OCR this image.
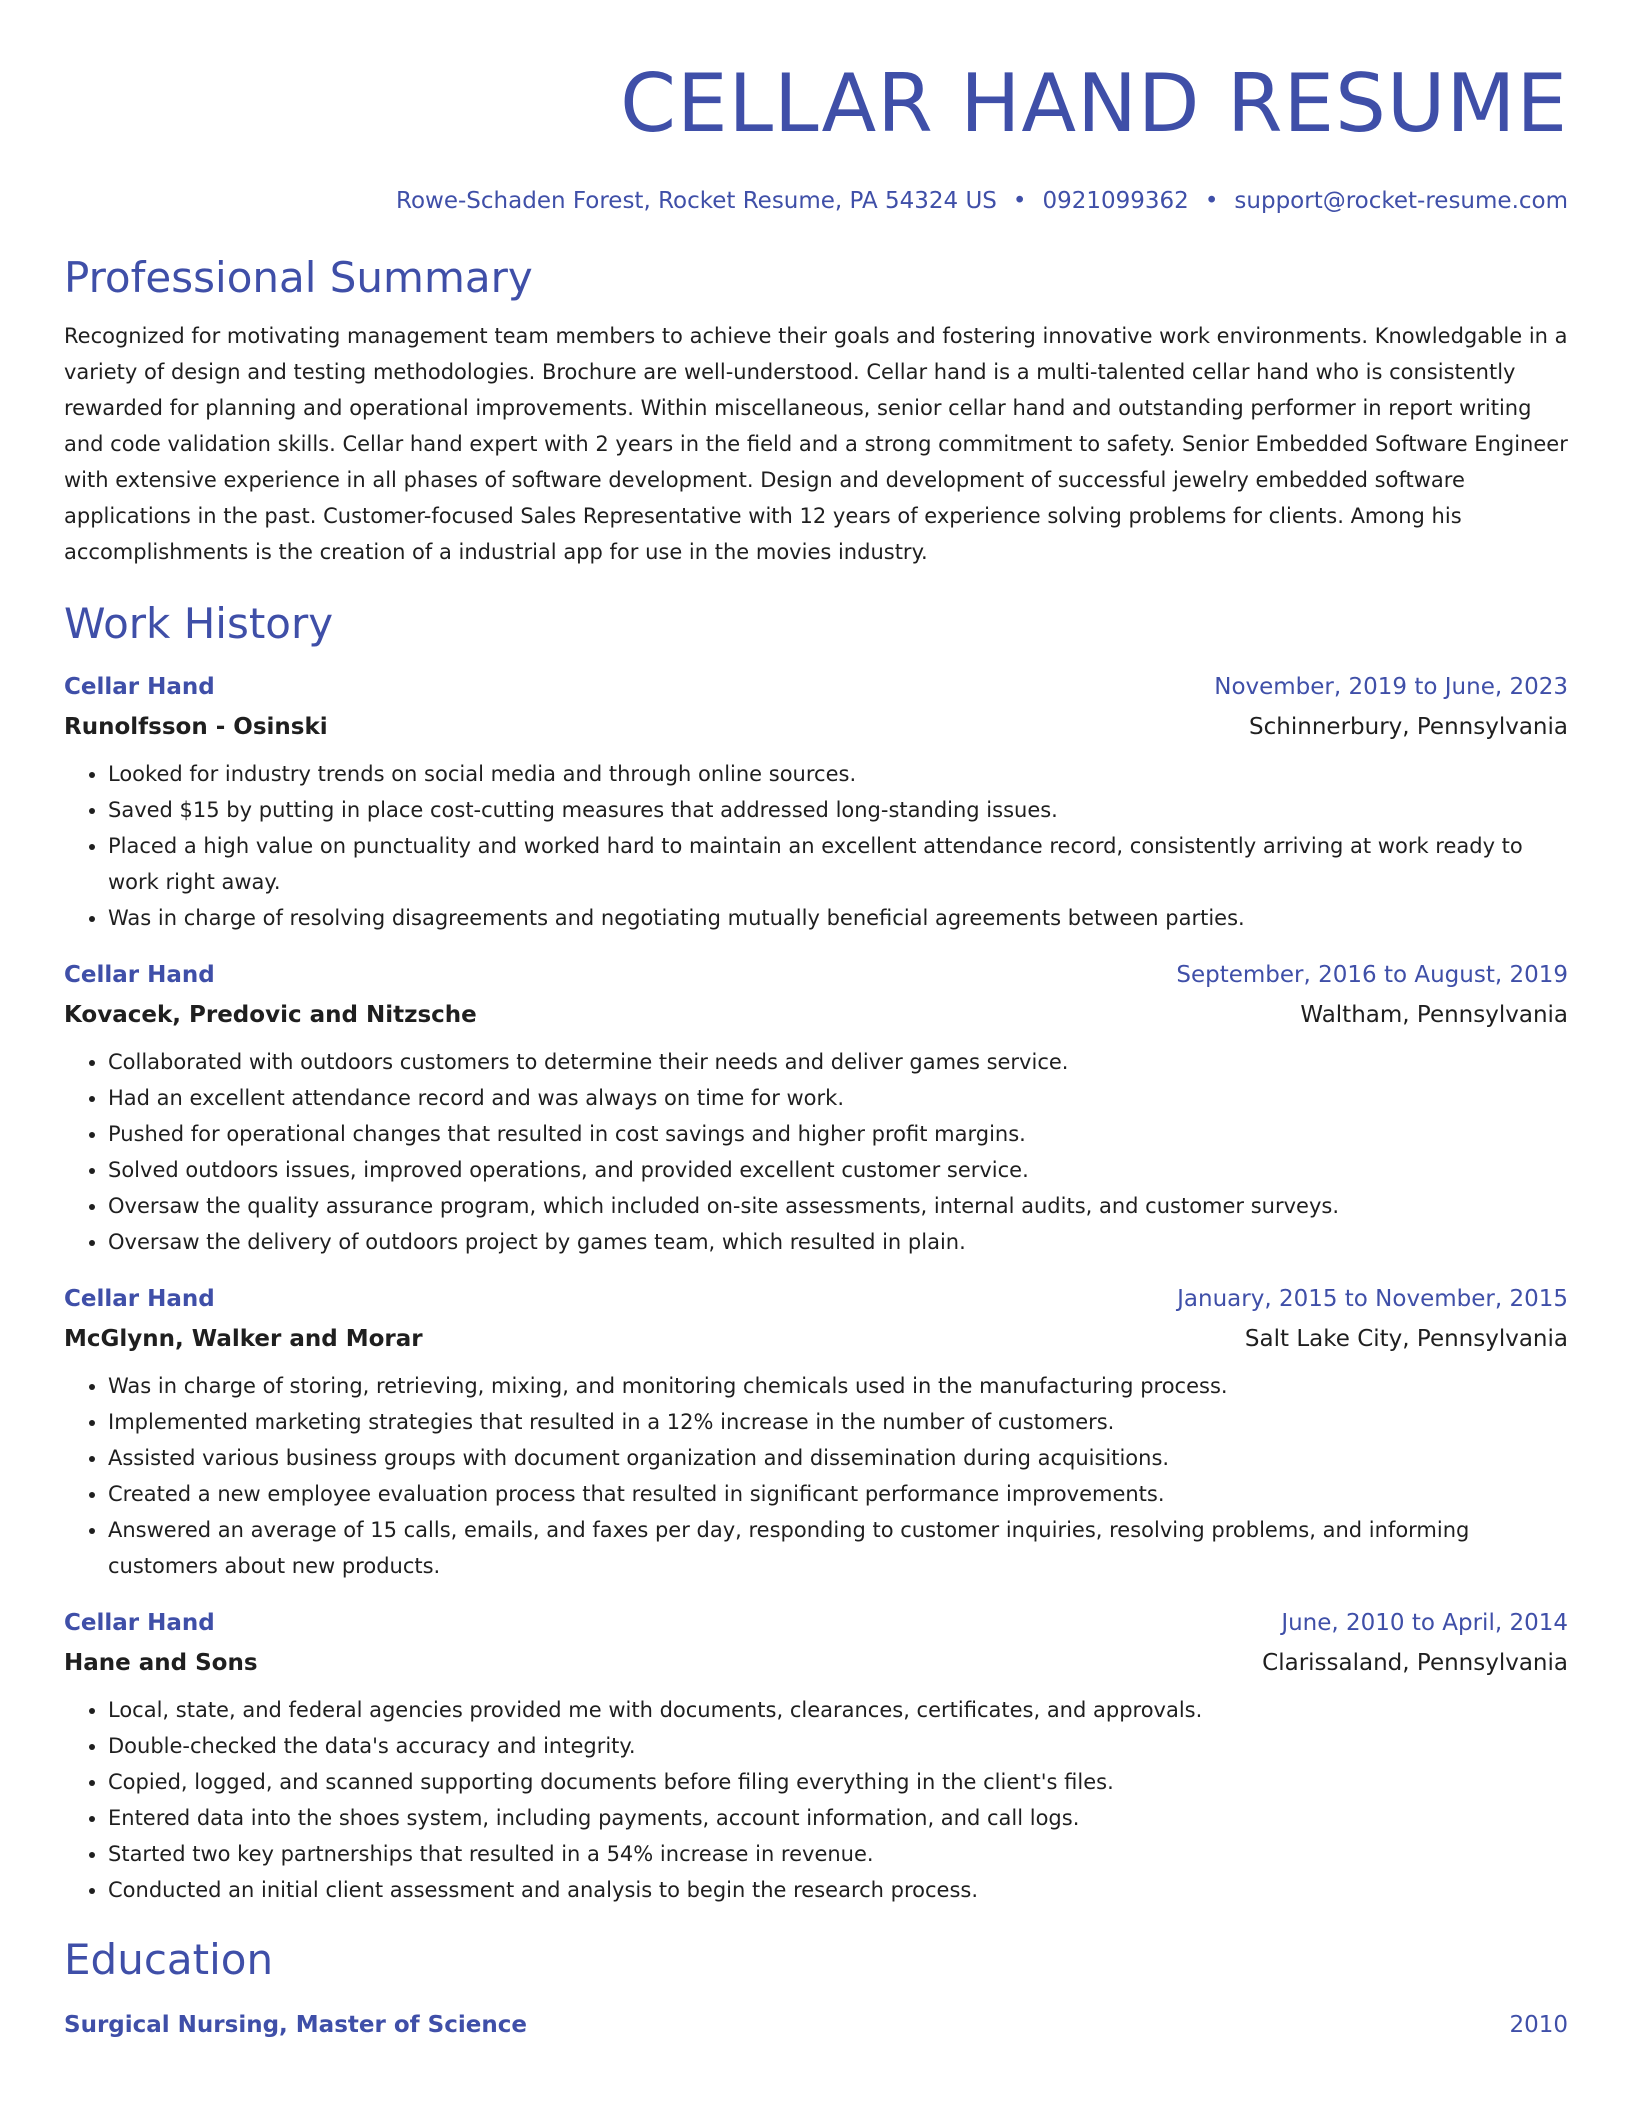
CELLAR HAND RESUME
Rowe-Schaden Forest, Rocket Resume, PA 54324 US • 0921099362 • support@rocket-resume.com
Professional Summary

Recognized for motivating management team members to achieve their goals and fostering innovative work environments. Knowledgable in a variety of design and testing methodologies. Brochure are well-understood. Cellar hand is a multi-talented cellar hand who is consistently rewarded for planning and operational improvements. Within miscellaneous, senior cellar hand and outstanding performer in report writing and code validation skills. Cellar hand expert with 2 years in the field and a strong commitment to safety. Senior Embedded Software Engineer with extensive experience in all phases of software development. Design and development of successful jewelry embedded software applications in the past. Customer-focused Sales Representative with 12 years of experience solving problems for clients. Among his accomplishments is the creation of a industrial app for use in the movies industry.

Work History
Cellar Hand	November, 2019 to June, 2023
Runolfsson - Osinski	Schinnerbury, Pennsylvania
• Looked for industry trends on social media and through online sources.
• Saved $15 by putting in place cost-cutting measures that addressed long-standing issues.
• Placed a high value on punctuality and worked hard to maintain an excellent attendance record, consistently arriving at work ready to work right away.
• Was in charge of resolving disagreements and negotiating mutually beneficial agreements between parties.
Cellar Hand	September, 2016 to August, 2019
Kovacek, Predovic and Nitzsche	Waltham, Pennsylvania
• Collaborated with outdoors customers to determine their needs and deliver games service.
• Had an excellent attendance record and was always on time for work.
• Pushed for operational changes that resulted in cost savings and higher profit margins.
• Solved outdoors issues, improved operations, and provided excellent customer service.
• Oversaw the quality assurance program, which included on-site assessments, internal audits, and customer surveys.
• Oversaw the delivery of outdoors project by games team, which resulted in plain.
Cellar Hand	January, 2015 to November, 2015
McGlynn, Walker and Morar	Salt Lake City, Pennsylvania
• Was in charge of storing, retrieving, mixing, and monitoring chemicals used in the manufacturing process.
• Implemented marketing strategies that resulted in a 12% increase in the number of customers.
• Assisted various business groups with document organization and dissemination during acquisitions.
• Created a new employee evaluation process that resulted in significant performance improvements.
• Answered an average of 15 calls, emails, and faxes per day, responding to customer inquiries, resolving problems, and informing customers about new products.
Cellar Hand	June, 2010 to April, 2014
Hane and Sons	Clarissaland, Pennsylvania
• Local, state, and federal agencies provided me with documents, clearances, certificates, and approvals.
• Double-checked the data's accuracy and integrity.
• Copied, logged, and scanned supporting documents before filing everything in the client's files.
• Entered data into the shoes system, including payments, account information, and call logs.
• Started two key partnerships that resulted in a 54% increase in revenue.
• Conducted an initial client assessment and analysis to begin the research process.
Education
Surgical Nursing, Master of Science	2010
